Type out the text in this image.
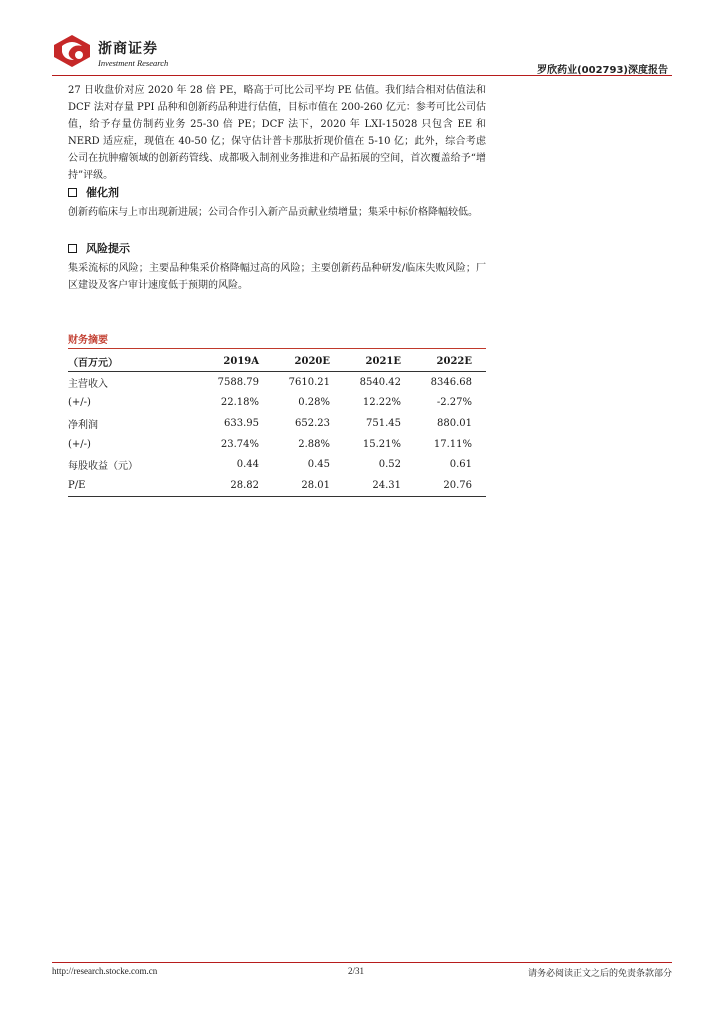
浙商证券
Investment Research
罗欣药业(002793)深度报告
27 日收盘价对应 2020 年 28 倍 PE，略高于可比公司平均 PE 估值。我们结合相对估值法和 DCF 法对存量 PPI 品种和创新药品种进行估值，目标市值在 200-260 亿元：参考可比公司估值，给予存量仿制药业务 25-30 倍 PE；DCF 法下，2020 年 LXI-15028 只包含 EE 和 NERD 适应症，现值在 40-50 亿；保守估计普卡那肽折现价值在 5-10 亿；此外，综合考虑公司在抗肿瘤领域的创新药管线、成都吸入制剂业务推进和产品拓展的空间，首次覆盖给予“增持”评级。
催化剂
创新药临床与上市出现新进展；公司合作引入新产品贡献业绩增量；集采中标价格降幅较低。
风险提示
集采流标的风险；主要品种集采价格降幅过高的风险；主要创新药品种研发/临床失败风险；厂区建设及客户审计速度低于预期的风险。
财务摘要
（百万元）	2019A	2020E	2021E	2022E
主营收入	7588.79	7610.21	8540.42	8346.68
(+/-)	22.18%	0.28%	12.22%	-2.27%
净利润	633.95	652.23	751.45	880.01
(+/-)	23.74%	2.88%	15.21%	17.11%
每股收益（元）	0.44	0.45	0.52	0.61
P/E	28.82	28.01	24.31	20.76
http://research.stocke.com.cn	2/31	请务必阅读正文之后的免责条款部分
